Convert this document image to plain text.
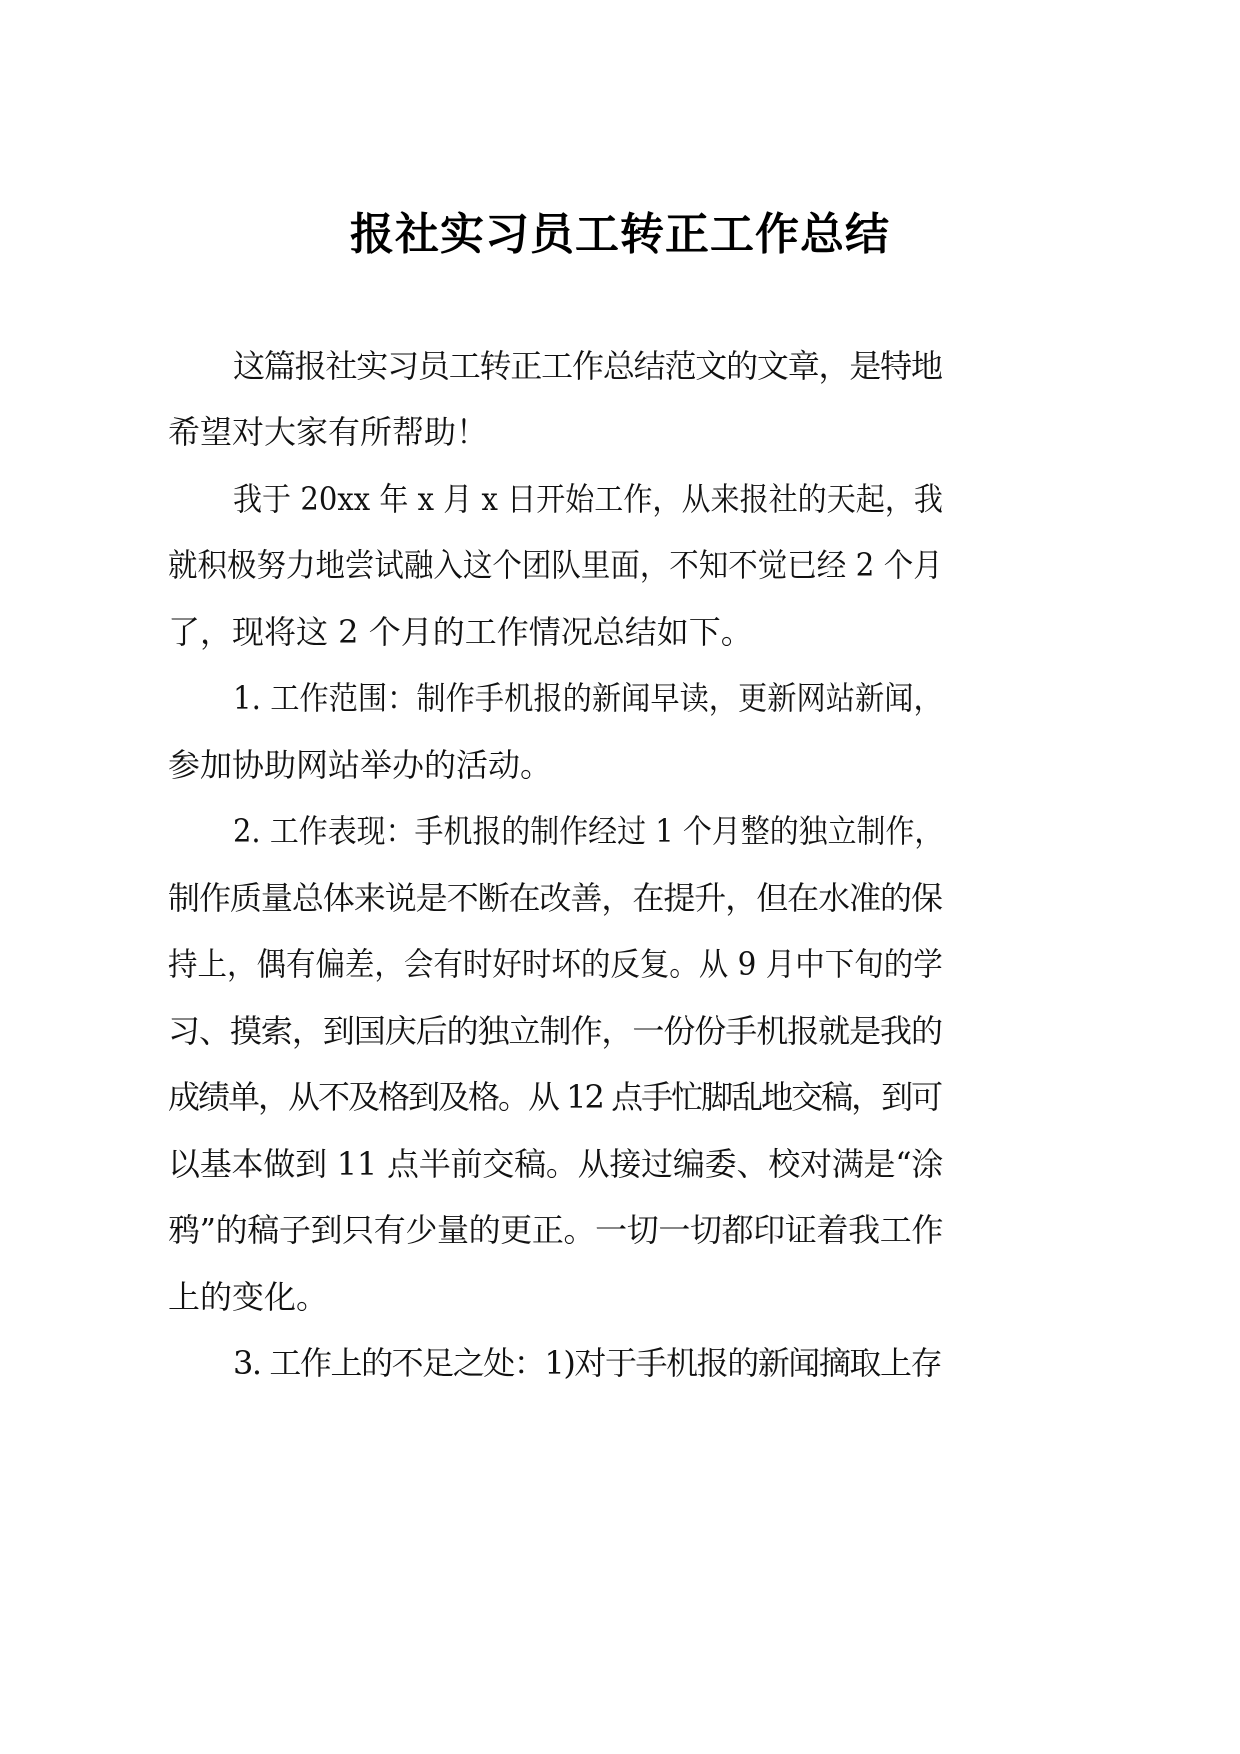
报社实习员工转正工作总结
这篇报社实习员工转正工作总结范文的文章，是特地
希望对大家有所帮助！
我于 20xx 年 x 月 x 日开始工作，从来报社的天起，我
就积极努力地尝试融入这个团队里面，不知不觉已经 2 个月
了，现将这 2 个月的工作情况总结如下。
1. 工作范围：制作手机报的新闻早读，更新网站新闻，
参加协助网站举办的活动。
2. 工作表现：手机报的制作经过 1 个月整的独立制作，
制作质量总体来说是不断在改善，在提升，但在水准的保
持上，偶有偏差，会有时好时坏的反复。从 9 月中下旬的学
习、摸索，到国庆后的独立制作，一份份手机报就是我的
成绩单，从不及格到及格。从 12 点手忙脚乱地交稿，到可
以基本做到 11 点半前交稿。从接过编委、校对满是“涂
鸦”的稿子到只有少量的更正。一切一切都印证着我工作
上的变化。
3. 工作上的不足之处：1)对于手机报的新闻摘取上存
